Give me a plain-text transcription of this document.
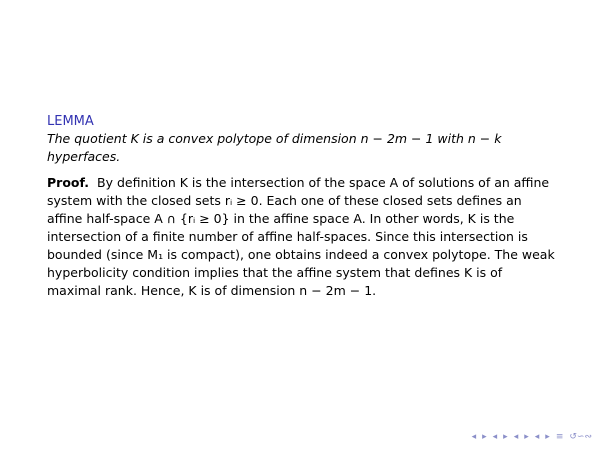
LEMMA

The quotient K is a convex polytope of dimension n − 2m − 1 with n − k hyperfaces.

Proof. By definition K is the intersection of the space A of solutions of an affine system with the closed sets rᵢ ≥ 0. Each one of these closed sets defines an affine half-space A ∩ {rᵢ ≥ 0} in the affine space A. In other words, K is the intersection of a finite number of affine half-spaces. Since this intersection is bounded (since M₁ is compact), one obtains indeed a convex polytope. The weak hyperbolicity condition implies that the affine system that defines K is of maximal rank. Hence, K is of dimension n − 2m − 1.

◂ ▸ ◂ ▸ ◂ ▸ ◂ ▸ ≡ ↺∽∾
